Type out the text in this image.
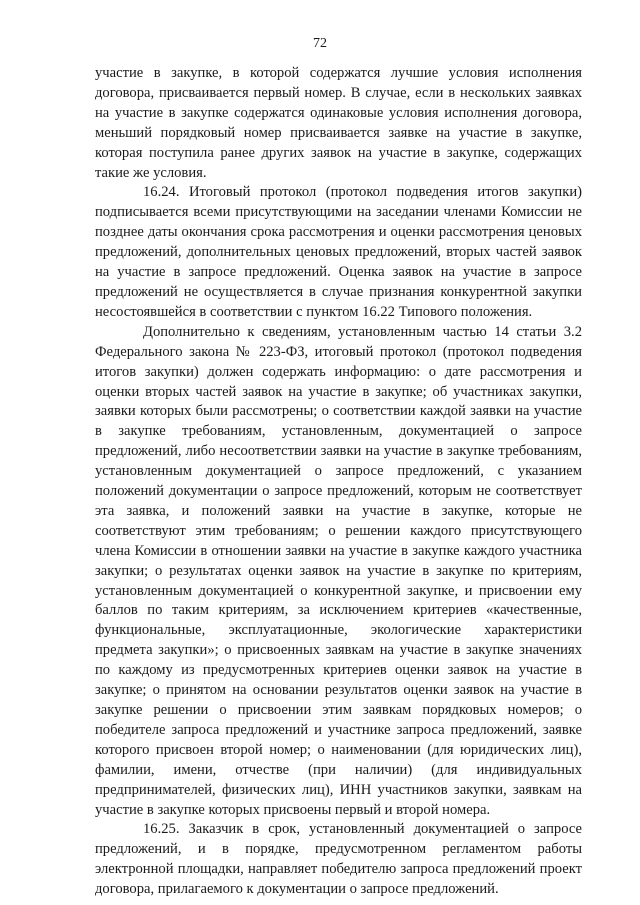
72

участие в закупке, в которой содержатся лучшие условия исполнения договора, присваивается первый номер. В случае, если в нескольких заявках на участие в закупке содержатся одинаковые условия исполнения договора, меньший порядковый номер присваивается заявке на участие в закупке, которая поступила ранее других заявок на участие в закупке, содержащих такие же условия.

16.24. Итоговый протокол (протокол подведения итогов закупки) подписывается всеми присутствующими на заседании членами Комиссии не позднее даты окончания срока рассмотрения и оценки рассмотрения ценовых предложений, дополнительных ценовых предложений, вторых частей заявок на участие в запросе предложений. Оценка заявок на участие в запросе предложений не осуществляется в случае признания конкурентной закупки несостоявшейся в соответствии с пунктом 16.22 Типового положения.

Дополнительно к сведениям, установленным частью 14 статьи 3.2 Федерального закона № 223-ФЗ, итоговый протокол (протокол подведения итогов закупки) должен содержать информацию: о дате рассмотрения и оценки вторых частей заявок на участие в закупке; об участниках закупки, заявки которых были рассмотрены; о соответствии каждой заявки на участие в закупке требованиям, установленным, документацией о запросе предложений, либо несоответствии заявки на участие в закупке требованиям, установленным документацией о запросе предложений, с указанием положений документации о запросе предложений, которым не соответствует эта заявка, и положений заявки на участие в закупке, которые не соответствуют этим требованиям; о решении каждого присутствующего члена Комиссии в отношении заявки на участие в закупке каждого участника закупки; о результатах оценки заявок на участие в закупке по критериям, установленным документацией о конкурентной закупке, и присвоении ему баллов по таким критериям, за исключением критериев «качественные, функциональные, эксплуатационные, экологические характеристики предмета закупки»; о присвоенных заявкам на участие в закупке значениях по каждому из предусмотренных критериев оценки заявок на участие в закупке; о принятом на основании результатов оценки заявок на участие в закупке решении о присвоении этим заявкам порядковых номеров; о победителе запроса предложений и участнике запроса предложений, заявке которого присвоен второй номер; о наименовании (для юридических лиц), фамилии, имени, отчестве (при наличии) (для индивидуальных предпринимателей, физических лиц), ИНН участников закупки, заявкам на участие в закупке которых присвоены первый и второй номера.

16.25. Заказчик в срок, установленный документацией о запросе предложений, и в порядке, предусмотренном регламентом работы электронной площадки, направляет победителю запроса предложений проект договора, прилагаемого к документации о запросе предложений.
